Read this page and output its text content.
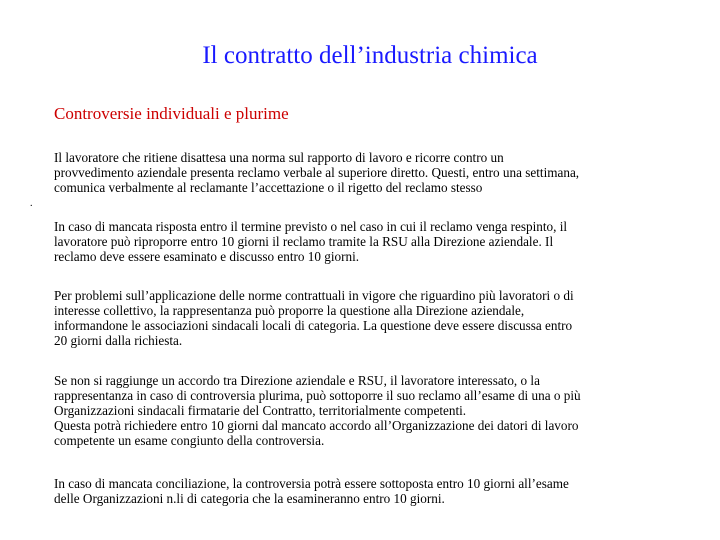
Il contratto dell’industria chimica
Controversie individuali e plurime
.
Il lavoratore che ritiene disattesa una norma sul rapporto di lavoro e ricorre contro un
provvedimento aziendale presenta reclamo verbale al superiore diretto. Questi, entro una settimana,
comunica verbalmente al reclamante l’accettazione o il rigetto del reclamo stesso
In caso di mancata risposta entro il termine previsto o nel caso in cui il reclamo venga respinto, il
lavoratore può riproporre entro 10 giorni il reclamo tramite la RSU alla Direzione aziendale. Il
reclamo deve essere esaminato e discusso entro 10 giorni.
Per problemi sull’applicazione delle norme contrattuali in vigore che riguardino più lavoratori o di
interesse collettivo, la rappresentanza può proporre la questione alla Direzione aziendale,
informandone le associazioni sindacali locali di categoria. La questione deve essere discussa entro
20 giorni dalla richiesta.
Se non si raggiunge un accordo tra Direzione aziendale e RSU, il lavoratore interessato, o la
rappresentanza in caso di controversia plurima, può sottoporre il suo reclamo all’esame di una o più
Organizzazioni sindacali firmatarie del Contratto, territorialmente competenti.
Questa potrà richiedere entro 10 giorni dal mancato accordo all’Organizzazione dei datori di lavoro
competente un esame congiunto della controversia.
In caso di mancata conciliazione, la controversia potrà essere sottoposta entro 10 giorni all’esame
delle Organizzazioni n.li di categoria che la esamineranno entro 10 giorni.
